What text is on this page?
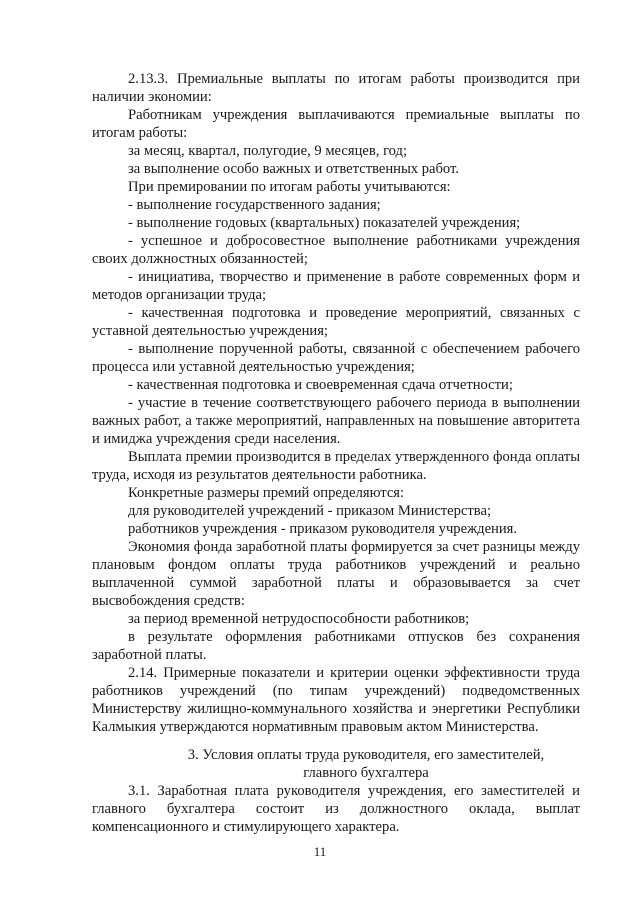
2.13.3. Премиальные выплаты по итогам работы производится при наличии экономии:

Работникам учреждения выплачиваются премиальные выплаты по итогам работы:

за месяц, квартал, полугодие, 9 месяцев, год;

за выполнение особо важных и ответственных работ.

При премировании по итогам работы учитываются:

- выполнение государственного задания;

- выполнение годовых (квартальных) показателей учреждения;

- успешное и добросовестное выполнение работниками учреждения своих должностных обязанностей;

- инициатива, творчество и применение в работе современных форм и методов организации труда;

- качественная подготовка и проведение мероприятий, связанных с уставной деятельностью учреждения;

- выполнение порученной работы, связанной с обеспечением рабочего процесса или уставной деятельностью учреждения;

- качественная подготовка и своевременная сдача отчетности;

- участие в течение соответствующего рабочего периода в выполнении важных работ, а также мероприятий, направленных на повышение авторитета и имиджа учреждения среди населения.

Выплата премии производится в пределах утвержденного фонда оплаты труда, исходя из результатов деятельности работника.

Конкретные размеры премий определяются:

для руководителей учреждений - приказом Министерства;

работников учреждения - приказом руководителя учреждения.

Экономия фонда заработной платы формируется за счет разницы между плановым фондом оплаты труда работников учреждений и реально выплаченной суммой заработной платы и образовывается за счет высвобождения средств:

за период временной нетрудоспособности работников;

в результате оформления работниками отпусков без сохранения заработной платы.

2.14. Примерные показатели и критерии оценки эффективности труда работников учреждений (по типам учреждений) подведомственных Министерству жилищно-коммунального хозяйства и энергетики Республики Калмыкия утверждаются нормативным правовым актом Министерства.

3. Условия оплаты труда руководителя, его заместителей,
главного бухгалтера

3.1. Заработная плата руководителя учреждения, его заместителей и главного бухгалтера состоит из должностного оклада, выплат компенсационного и стимулирующего характера.

11
